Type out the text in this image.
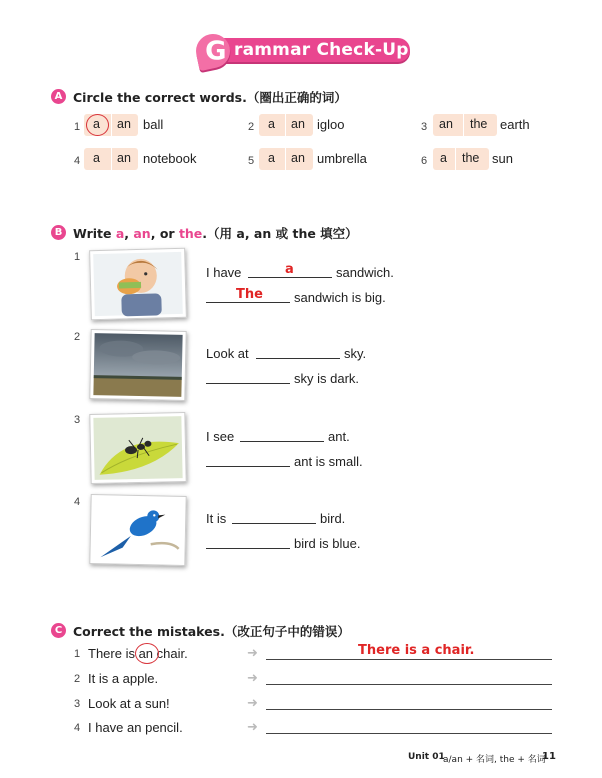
G rammar Check-Up
A Circle the correct words.（圈出正确的词）
1 a an ball	2 a an igloo	3 an the earth
4 a an notebook	5 a an umbrella	6 a the sun
B Write a, an, or the.（用 a, an 或 the 填空）
1
I have	a	sandwich.
The sandwich is big.
2
Look at	sky.
sky is dark.
3
I see	ant.
ant is small.
4
It is	bird.
bird is blue.
C Correct the mistakes.（改正句子中的错误）
1 There is an chair.	➜	There is a chair.
2 It is a apple.	➜
3 Look at a sun!	➜
4 I have an pencil.	➜
Unit 01
a/an + 名词, the + 名词
11
